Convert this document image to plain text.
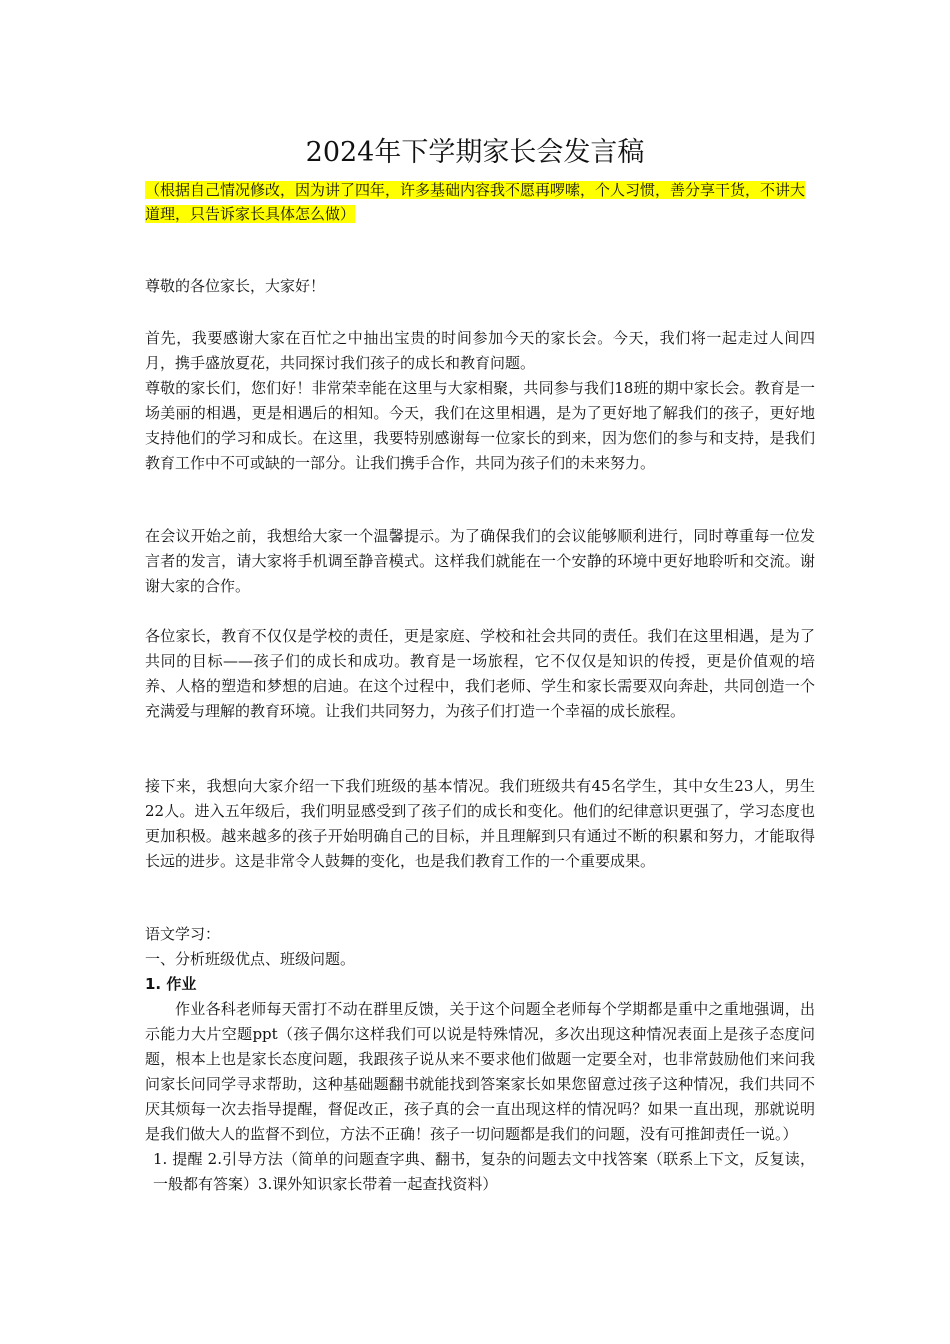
2024年下学期家长会发言稿

（根据自己情况修改，因为讲了四年，许多基础内容我不愿再啰嗦，个人习惯，善分享干货，不讲大道理，只告诉家长具体怎么做）

尊敬的各位家长，大家好！

首先，我要感谢大家在百忙之中抽出宝贵的时间参加今天的家长会。今天，我们将一起走过人间四月，携手盛放夏花，共同探讨我们孩子的成长和教育问题。

尊敬的家长们，您们好！非常荣幸能在这里与大家相聚，共同参与我们18班的期中家长会。教育是一场美丽的相遇，更是相遇后的相知。今天，我们在这里相遇，是为了更好地了解我们的孩子，更好地支持他们的学习和成长。在这里，我要特别感谢每一位家长的到来，因为您们的参与和支持，是我们教育工作中不可或缺的一部分。让我们携手合作，共同为孩子们的未来努力。

在会议开始之前，我想给大家一个温馨提示。为了确保我们的会议能够顺利进行，同时尊重每一位发言者的发言，请大家将手机调至静音模式。这样我们就能在一个安静的环境中更好地聆听和交流。谢谢大家的合作。

各位家长，教育不仅仅是学校的责任，更是家庭、学校和社会共同的责任。我们在这里相遇，是为了共同的目标——孩子们的成长和成功。教育是一场旅程，它不仅仅是知识的传授，更是价值观的培养、人格的塑造和梦想的启迪。在这个过程中，我们老师、学生和家长需要双向奔赴，共同创造一个充满爱与理解的教育环境。让我们共同努力，为孩子们打造一个幸福的成长旅程。

接下来，我想向大家介绍一下我们班级的基本情况。我们班级共有45名学生，其中女生23人，男生22人。进入五年级后，我们明显感受到了孩子们的成长和变化。他们的纪律意识更强了，学习态度也更加积极。越来越多的孩子开始明确自己的目标，并且理解到只有通过不断的积累和努力，才能取得长远的进步。这是非常令人鼓舞的变化，也是我们教育工作的一个重要成果。

语文学习：

一、分析班级优点、班级问题。

1. 作业

作业各科老师每天雷打不动在群里反馈，关于这个问题全老师每个学期都是重中之重地强调，出示能力大片空题ppt（孩子偶尔这样我们可以说是特殊情况，多次出现这种情况表面上是孩子态度问题，根本上也是家长态度问题，我跟孩子说从来不要求他们做题一定要全对，也非常鼓励他们来问我问家长问同学寻求帮助，这种基础题翻书就能找到答案家长如果您留意过孩子这种情况，我们共同不厌其烦每一次去指导提醒，督促改正，孩子真的会一直出现这样的情况吗？如果一直出现，那就说明是我们做大人的监督不到位，方法不正确！孩子一切问题都是我们的问题，没有可推卸责任一说。）

1. 提醒 2.引导方法（简单的问题查字典、翻书，复杂的问题去文中找答案（联系上下文，反复读，一般都有答案）3.课外知识家长带着一起查找资料）
